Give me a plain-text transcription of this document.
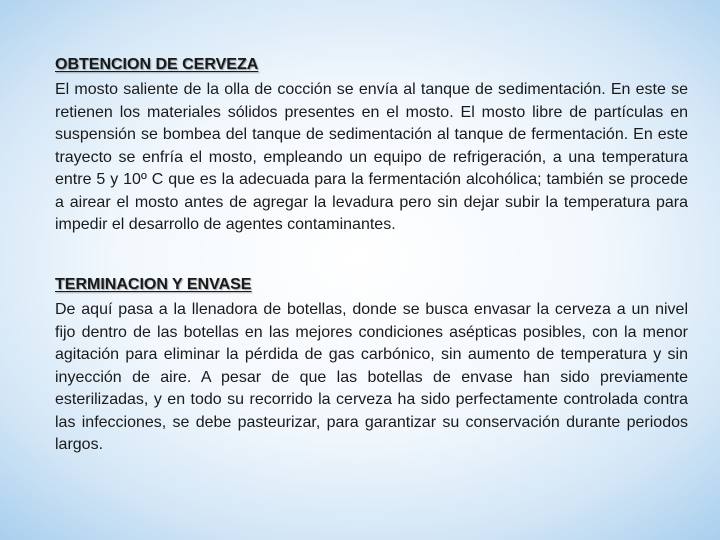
OBTENCION DE CERVEZA

El mosto saliente de la olla de cocción se envía al tanque de sedimentación. En este se retienen los materiales sólidos presentes en el mosto. El mosto libre de partículas en suspensión se bombea del tanque de sedimentación al tanque de fermentación. En este trayecto se enfría el mosto, empleando un equipo de refrigeración, a una temperatura entre 5 y 10º C que es la adecuada para la fermentación alcohólica; también se procede a airear el mosto antes de agregar la levadura pero sin dejar subir la temperatura para impedir el desarrollo de agentes contaminantes.

TERMINACION Y ENVASE

De aquí pasa a la llenadora de botellas, donde se busca envasar la cerveza a un nivel fijo dentro de las botellas en las mejores condiciones asépticas posibles, con la menor agitación para eliminar la pérdida de gas carbónico, sin aumento de temperatura y sin inyección de aire. A pesar de que las botellas de envase han sido previamente esterilizadas, y en todo su recorrido la cerveza ha sido perfectamente controlada contra las infecciones, se debe pasteurizar, para garantizar su conservación durante periodos largos.
